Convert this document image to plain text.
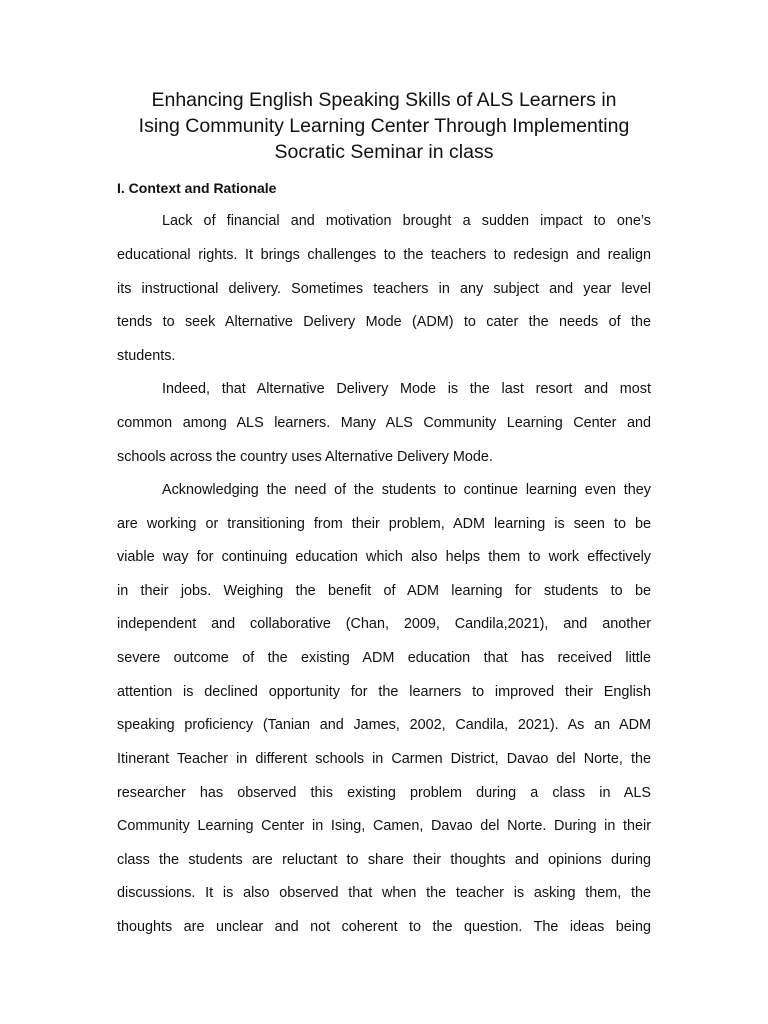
Enhancing English Speaking Skills of ALS Learners in
Ising Community Learning Center Through Implementing
Socratic Seminar in class
I. Context and Rationale
Lack of financial and motivation brought a sudden impact to one’s
educational rights. It brings challenges to the teachers to redesign and realign
its instructional delivery. Sometimes teachers in any subject and year level
tends to seek Alternative Delivery Mode (ADM) to cater the needs of the
students.
Indeed, that Alternative Delivery Mode is the last resort and most
common among ALS learners. Many ALS Community Learning Center and
schools across the country uses Alternative Delivery Mode.
Acknowledging the need of the students to continue learning even they
are working or transitioning from their problem, ADM learning is seen to be
viable way for continuing education which also helps them to work effectively
in their jobs. Weighing the benefit of ADM learning for students to be
independent and collaborative (Chan, 2009, Candila,2021), and another
severe outcome of the existing ADM education that has received little
attention is declined opportunity for the learners to improved their English
speaking proficiency (Tanian and James, 2002, Candila, 2021). As an ADM
Itinerant Teacher in different schools in Carmen District, Davao del Norte, the
researcher has observed this existing problem during a class in ALS
Community Learning Center in Ising, Camen, Davao del Norte. During in their
class the students are reluctant to share their thoughts and opinions during
discussions. It is also observed that when the teacher is asking them, the
thoughts are unclear and not coherent to the question. The ideas being
